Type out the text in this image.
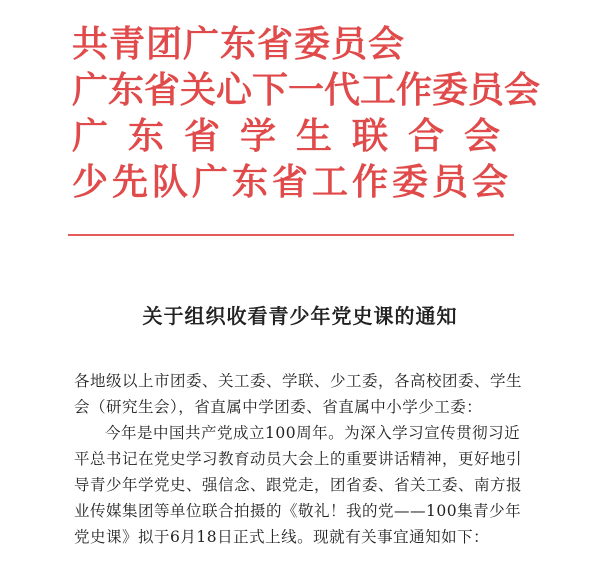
共青团广东省委员会
广东省关心下一代工作委员会
广东省学生联合会
少先队广东省工作委员会
关于组织收看青少年党史课的通知

各地级以上市团委、关工委、学联、少工委，各高校团委、学生会（研究生会），省直属中学团委、省直属中小学少工委：

今年是中国共产党成立100周年。为深入学习宣传贯彻习近平总书记在党史学习教育动员大会上的重要讲话精神，更好地引导青少年学党史、强信念、跟党走，团省委、省关工委、南方报业传媒集团等单位联合拍摄的《敬礼！我的党——100集青少年党史课》拟于6月18日正式上线。现就有关事宜通知如下：
